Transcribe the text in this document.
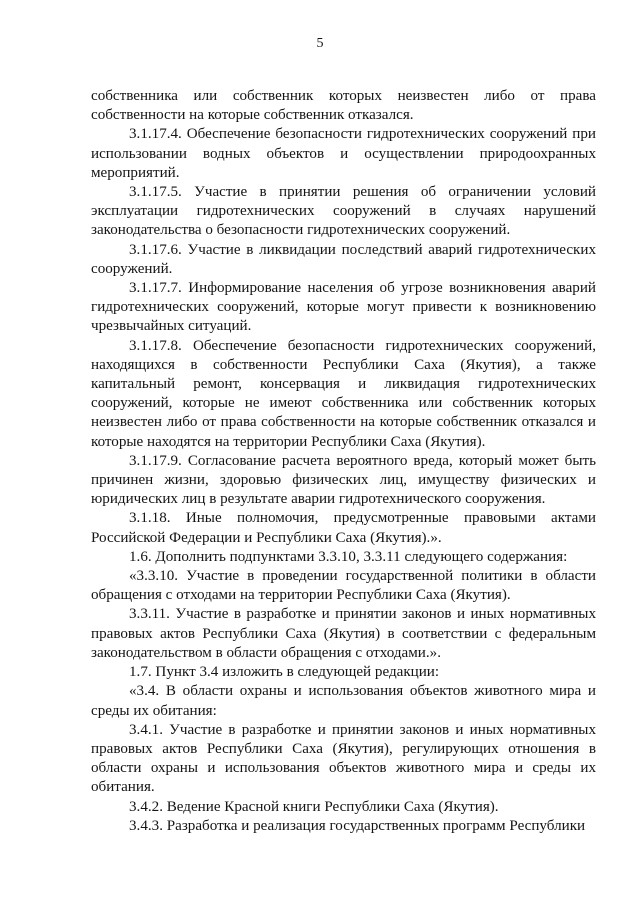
5

собственника или собственник которых неизвестен либо от права собственности на которые собственник отказался.

3.1.17.4. Обеспечение безопасности гидротехнических сооружений при использовании водных объектов и осуществлении природоохранных мероприятий.

3.1.17.5. Участие в принятии решения об ограничении условий эксплуатации гидротехнических сооружений в случаях нарушений законодательства о безопасности гидротехнических сооружений.

3.1.17.6. Участие в ликвидации последствий аварий гидротехнических сооружений.

3.1.17.7. Информирование населения об угрозе возникновения аварий гидротехнических сооружений, которые могут привести к возникновению чрезвычайных ситуаций.

3.1.17.8. Обеспечение безопасности гидротехнических сооружений, находящихся в собственности Республики Саха (Якутия), а также капитальный ремонт, консервация и ликвидация гидротехнических сооружений, которые не имеют собственника или собственник которых неизвестен либо от права собственности на которые собственник отказался и которые находятся на территории Республики Саха (Якутия).

3.1.17.9. Согласование расчета вероятного вреда, который может быть причинен жизни, здоровью физических лиц, имуществу физических и юридических лиц в результате аварии гидротехнического сооружения.

3.1.18. Иные полномочия, предусмотренные правовыми актами Российской Федерации и Республики Саха (Якутия).».

1.6. Дополнить подпунктами 3.3.10, 3.3.11 следующего содержания:

«3.3.10. Участие в проведении государственной политики в области обращения с отходами на территории Республики Саха (Якутия).

3.3.11. Участие в разработке и принятии законов и иных нормативных правовых актов Республики Саха (Якутия) в соответствии с федеральным законодательством в области обращения с отходами.».

1.7. Пункт 3.4 изложить в следующей редакции:

«3.4. В области охраны и использования объектов животного мира и среды их обитания:

3.4.1. Участие в разработке и принятии законов и иных нормативных правовых актов Республики Саха (Якутия), регулирующих отношения в области охраны и использования объектов животного мира и среды их обитания.

3.4.2. Ведение Красной книги Республики Саха (Якутия).

3.4.3. Разработка и реализация государственных программ Республики
